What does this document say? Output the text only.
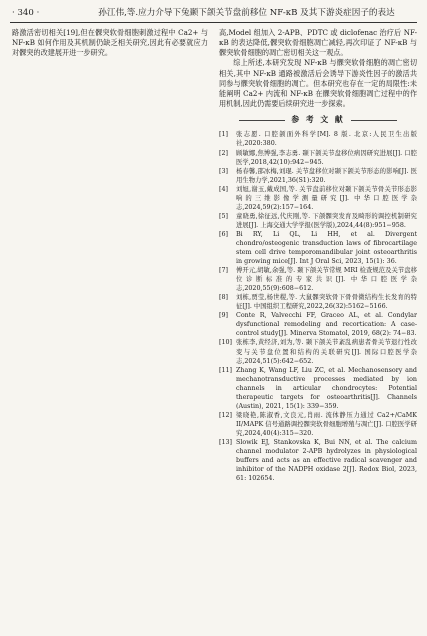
· 340 ·	孙江伟,等.应力介导下兔颞下颌关节盘前移位 NF-κB 及其下游炎症因子的表达

路激活密切相关[19],但在髁突软骨细胞刺激过程中 Ca2+ 与 NF-κB 如何作用及其机制仍缺乏相关研究,因此有必要就应力对髁突的改建展开进一步研究。

高,Model 组加入 2-APB、PDTC 或 diclofenac 治疗后 NF-κB 的表达降低,髁突软骨细胞凋亡减轻,再次印证了 NF-κB 与髁突软骨细胞的凋亡密切相关这一观点。

综上所述,本研究发现 NF-κB 与髁突软骨细胞的凋亡密切相关,其中 NF-κB 通路被激活后会诱导下游炎性因子的激活共同参与髁突软骨细胞的凋亡。但本研究也存在一定的局限性:未能阐明 Ca2+ 内流和 NF-κB 在髁突软骨细胞凋亡过程中的作用机制,因此仍需要后续研究进一步探索。

参 考 文 献
[1] 张志愿. 口腔颌面外科学[M]. 8 版. 北京:人民卫生出版社,2020:380.
[2] 顾敏娜,焦博强,李志勇. 颞下颌关节盘移位病因研究进展[J]. 口腔医学,2018,42(10):942−945.
[3] 杨春馨,邵冰梅,刘琨. 关节盘移位对颞下颌关节形态的影响[J]. 医用生物力学,2021,36(S1):320.
[4] 刘旭,谢玉,戴成国,等. 关节盘前移位对颞下颌关节骨关节形态影响的三维影像学测量研究[J]. 中华口腔医学杂志,2024,59(2):157−164.
[5] 童晓勇,徐征远,代庆刚,等. 下颌髁突发育及畸形的调控机制研究进展[J]. 上海交通大学学报(医学版),2024,44(8):951−958.
[6] Bi RY, Li QL, Li HH, et al. Divergent chondro/osteogenic transduction laws of fibrocartilage stem cell drive temporomandibular joint osteoarthritis in growing mice[J]. Int J Oral Sci, 2023, 15(1): 36.
[7] 傅开元,胡敏,余强,等. 颞下颌关节常规 MRI 检查规范及关节盘移位诊断标准的专家共识[J]. 中华口腔医学杂志,2020,55(9):608−612.
[8] 刘栋,贾莹,杨世稷,等. 大鼠髁突软骨下骨骨微结构生长发育的特征[J]. 中国组织工程研究,2022,26(32):5162−5166.
[9] Conte R, Valvecchi FF, Graceo AL, et al. Condylar dysfunctional remodeling and recortication: A case-control study[J]. Minerva Stomatol, 2019, 68(2): 74−83.
[10] 张栋李,黄经济,刘为,等. 颞下颌关节紊乱病患者骨关节退行性改变与关节盘位置和结构的关联研究[J]. 国际口腔医学杂志,2024,51(5):642−652.
[11] Zhang K, Wang LF, Liu ZC, et al. Mechanosensory and mechanotransductive processes mediated by ion channels in articular chondrocytes: Potential therapeutic targets for osteoarthritis[J]. Channels (Austin), 2021, 15(1): 339−359.
[12] 梁晓艳,陈淑香,文良元,肖雨. 流体静压力通过 Ca2+/CaMK II/MAPK 信号通路调控髁突软骨细胞增殖与凋亡[J]. 口腔医学研究,2024,40(4):315−320.
[13] Slowik EJ, Stankovska K, Bui NN, et al. The calcium channel modulator 2-APB hydrolyzes in physiological buffers and acts as an effective radical scavenger and inhibitor of the NADPH oxidase 2[J]. Redox Biol, 2023, 61: 102654.
